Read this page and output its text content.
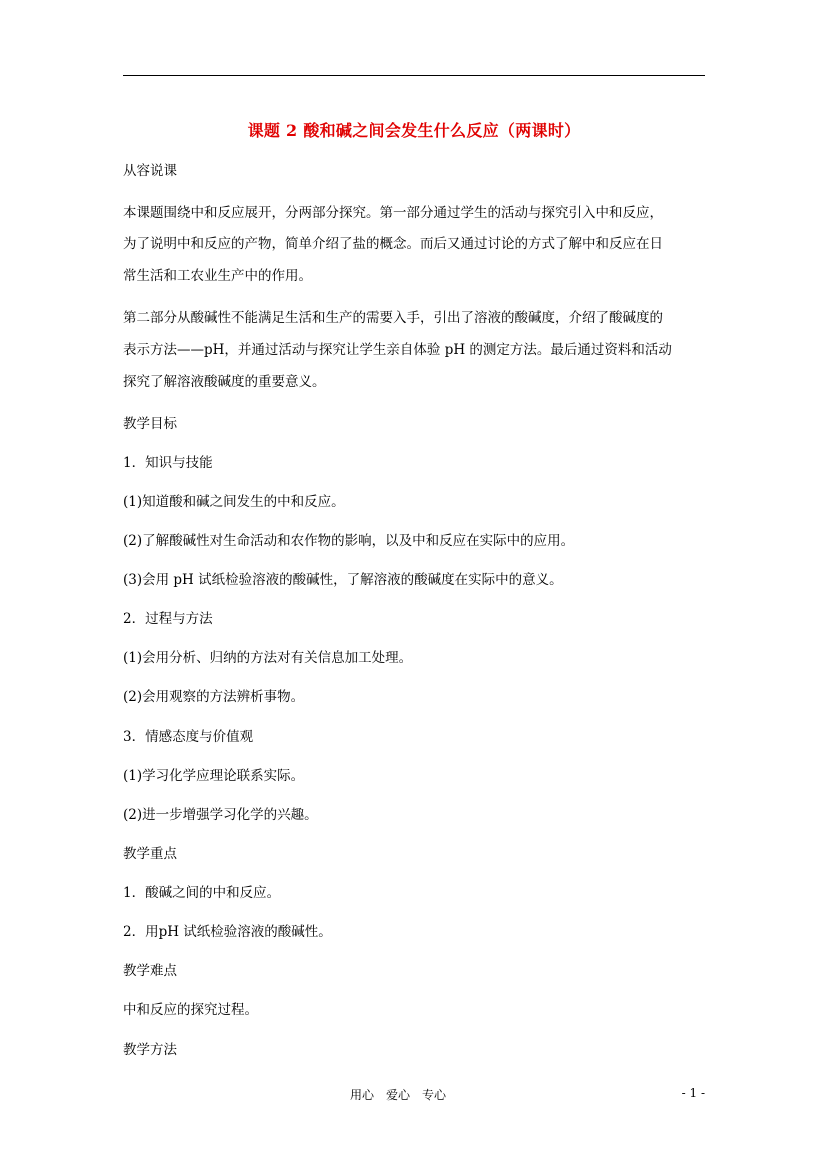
课题 2 酸和碱之间会发生什么反应（两课时）
从容说课
本课题围绕中和反应展开，分两部分探究。第一部分通过学生的活动与探究引入中和反应，
为了说明中和反应的产物，简单介绍了盐的概念。而后又通过讨论的方式了解中和反应在日
常生活和工农业生产中的作用。
第二部分从酸碱性不能满足生活和生产的需要入手，引出了溶液的酸碱度，介绍了酸碱度的
表示方法——pH，并通过活动与探究让学生亲自体验 pH 的测定方法。最后通过资料和活动
探究了解溶液酸碱度的重要意义。
教学目标
1．知识与技能
(1)知道酸和碱之间发生的中和反应。
(2)了解酸碱性对生命活动和农作物的影响，以及中和反应在实际中的应用。
(3)会用 pH 试纸检验溶液的酸碱性，了解溶液的酸碱度在实际中的意义。
2．过程与方法
(1)会用分析、归纳的方法对有关信息加工处理。
(2)会用观察的方法辨析事物。
3．情感态度与价值观
(1)学习化学应理论联系实际。
(2)进一步增强学习化学的兴趣。
教学重点
1．酸碱之间的中和反应。
2．用pH 试纸检验溶液的酸碱性。
教学难点
中和反应的探究过程。
教学方法
用心　爱心　专心	- 1 -
